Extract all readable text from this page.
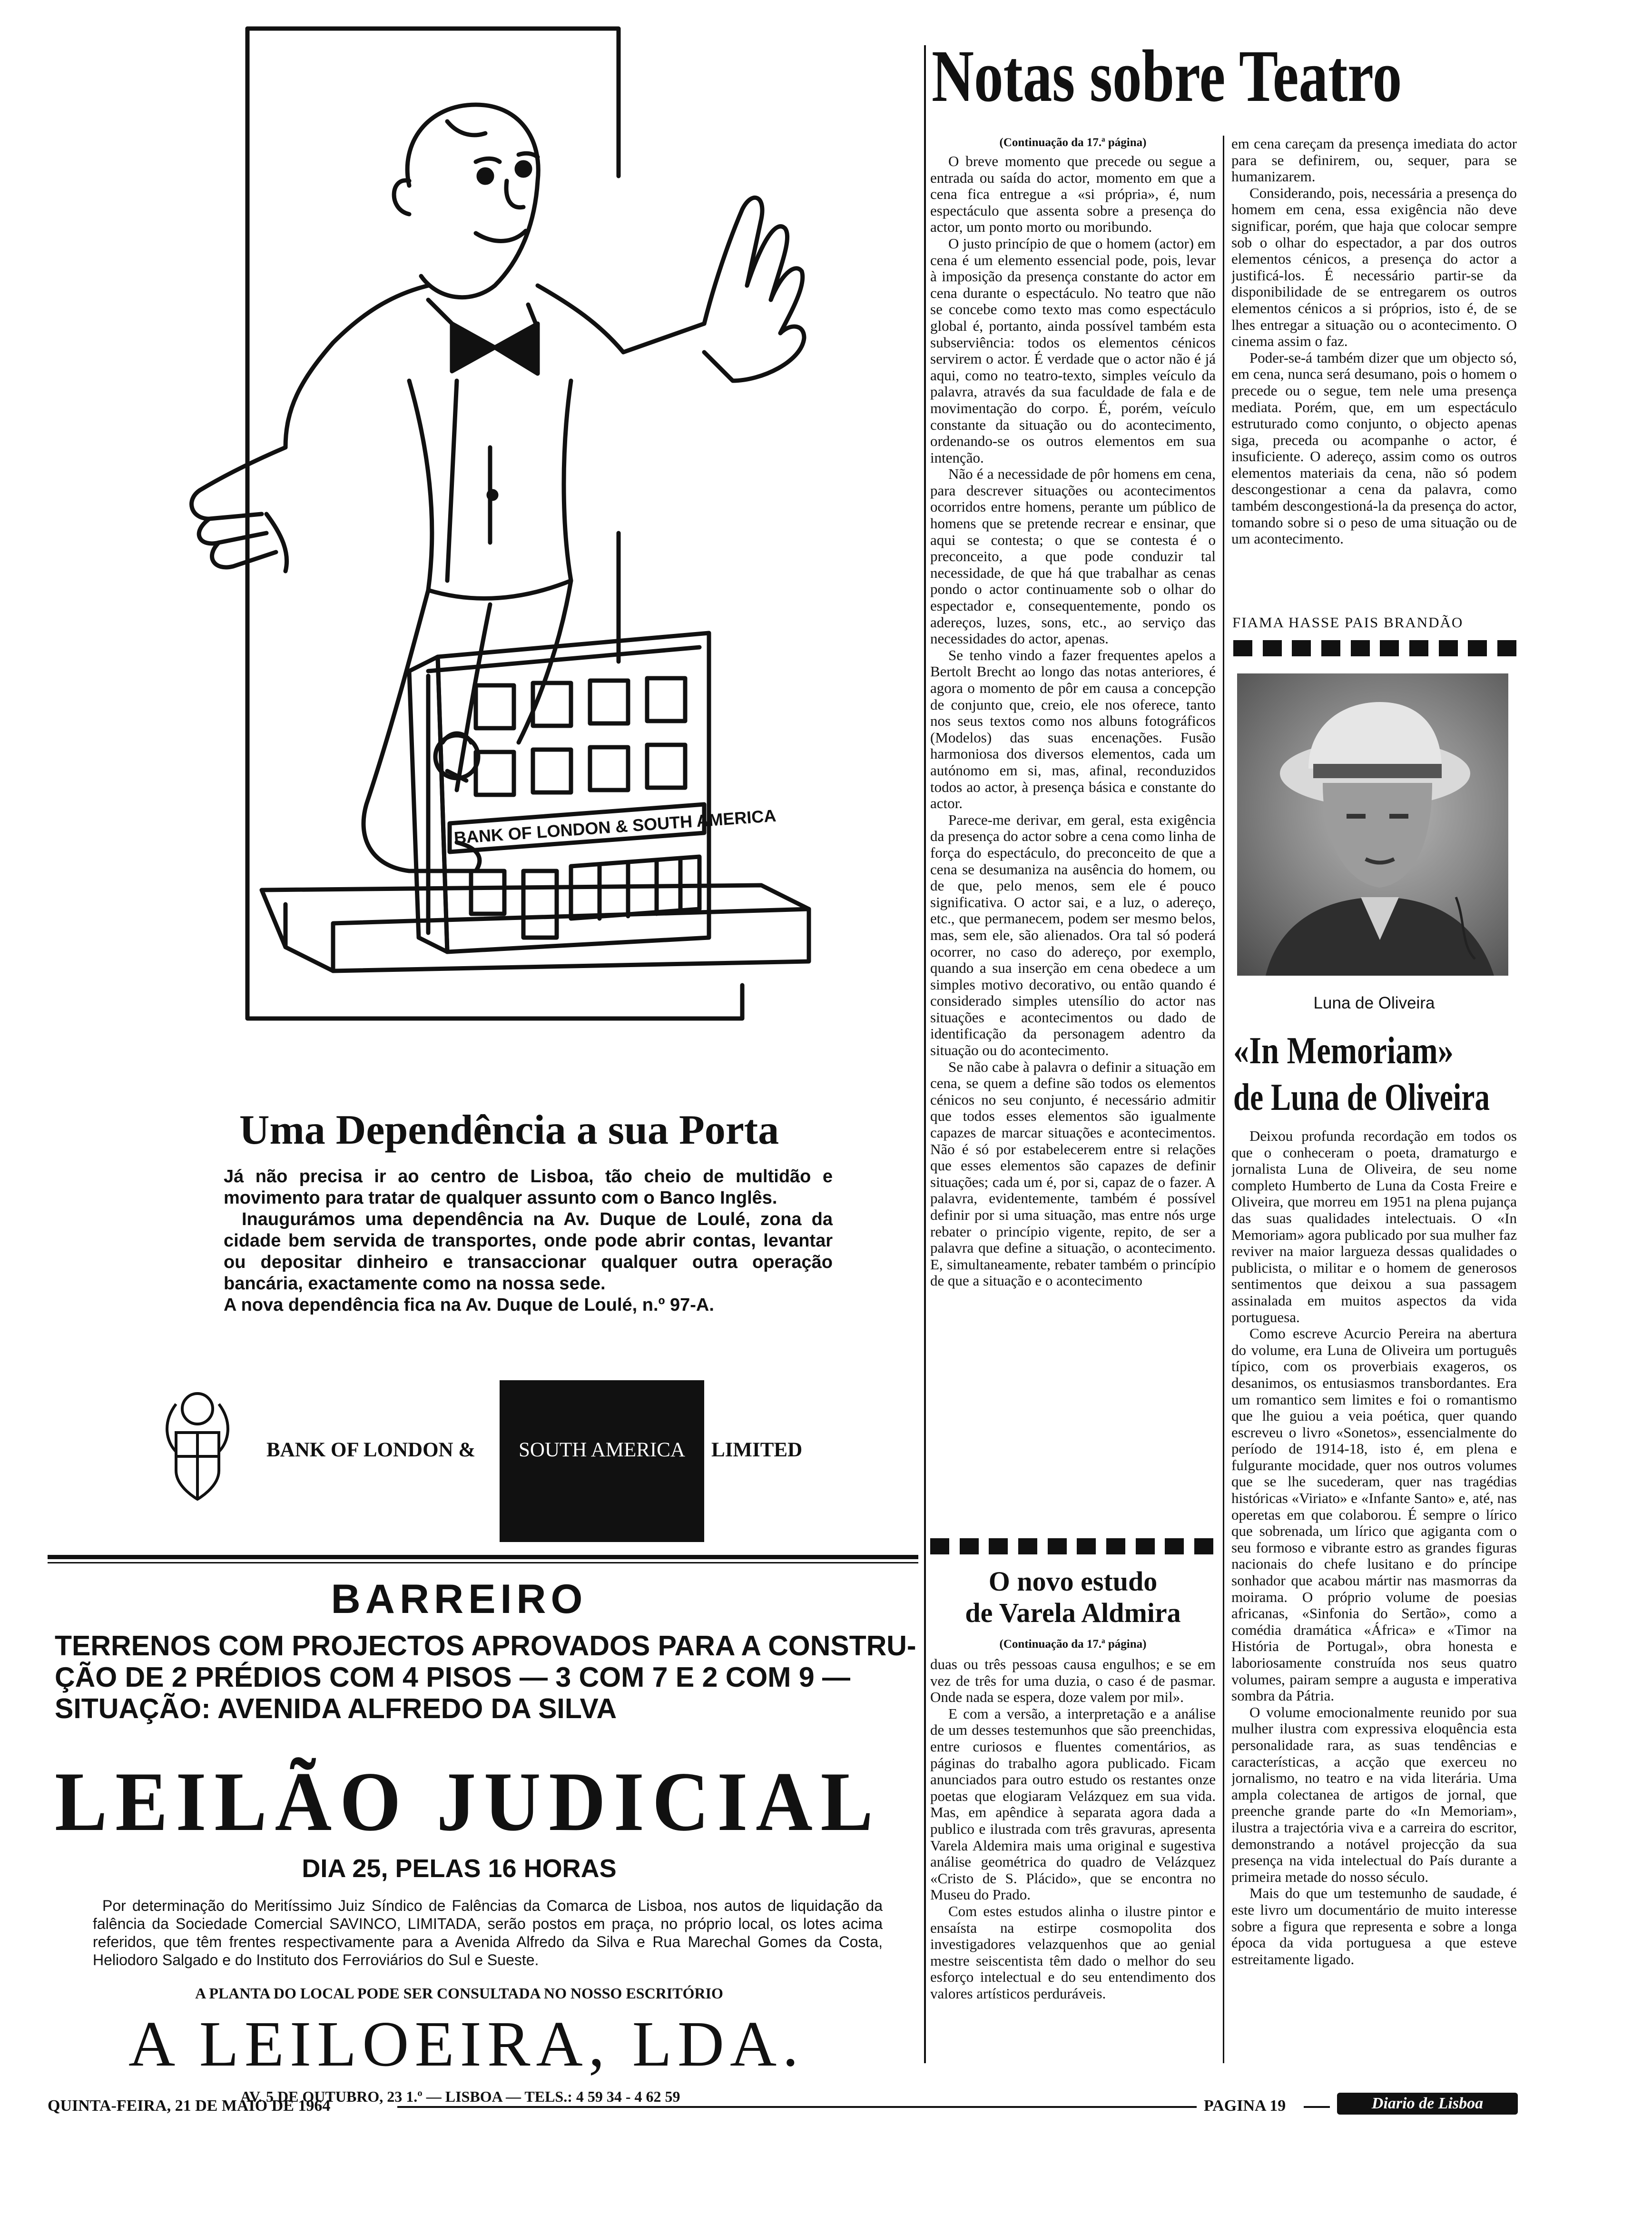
BANK OF LONDON & SOUTH AMERICA
Uma Dependência a sua Porta
Já não precisa ir ao centro de Lisboa, tão cheio de multidão e movimento para tratar de qualquer assunto com o Banco Inglês.
Inaugurámos uma dependência na Av. Duque de Loulé, zona da cidade bem servida de transportes, onde pode abrir contas, levantar ou depositar dinheiro e transaccionar qualquer outra operação bancária, exactamente como na nossa sede.
A nova dependência fica na Av. Duque de Loulé, n.º 97-A.
BANK OF LONDON &	SOUTH AMERICA	LIMITED
BARREIRO
TERRENOS COM PROJECTOS APROVADOS PARA A CONSTRU-
ÇÃO DE 2 PRÉDIOS COM 4 PISOS — 3 COM 7 E 2 COM 9 —
SITUAÇÃO: AVENIDA ALFREDO DA SILVA
LEILÃO JUDICIAL
DIA 25, PELAS 16 HORAS
Por determinação do Meritíssimo Juiz Síndico de Falências da Comarca de Lisboa, nos autos de liquidação da falência da Sociedade Comercial SAVINCO, LIMITADA, serão postos em praça, no próprio local, os lotes acima referidos, que têm frentes respectivamente para a Avenida Alfredo da Silva e Rua Marechal Gomes da Costa, Heliodoro Salgado e do Instituto dos Ferroviários do Sul e Sueste.
A PLANTA DO LOCAL PODE SER CONSULTADA NO NOSSO ESCRITÓRIO
A LEILOEIRA, LDA.
AV. 5 DE OUTUBRO, 23 1.º — LISBOA — TELS.: 4 59 34 - 4 62 59
Notas sobre Teatro
(Continuação da 17.ª página)

O breve momento que precede ou segue a entrada ou saída do actor, momento em que a cena fica entregue a «si própria», é, num espectáculo que assenta sobre a presença do actor, um ponto morto ou moribundo.

O justo princípio de que o homem (actor) em cena é um elemento essencial pode, pois, levar à imposição da presença constante do actor em cena durante o espectáculo. No teatro que não se concebe como texto mas como espectáculo global é, portanto, ainda possível também esta subserviência: todos os elementos cénicos servirem o actor. É verdade que o actor não é já aqui, como no teatro-texto, simples veículo da palavra, através da sua faculdade de fala e de movimentação do corpo. É, porém, veículo constante da situação ou do acontecimento, ordenando-se os outros elementos em sua intenção.

Não é a necessidade de pôr homens em cena, para descrever situações ou acontecimentos ocorridos entre homens, perante um público de homens que se pretende recrear e ensinar, que aqui se contesta; o que se contesta é o preconceito, a que pode conduzir tal necessidade, de que há que trabalhar as cenas pondo o actor continuamente sob o olhar do espectador e, consequentemente, pondo os adereços, luzes, sons, etc., ao serviço das necessidades do actor, apenas.

Se tenho vindo a fazer frequentes apelos a Bertolt Brecht ao longo das notas anteriores, é agora o momento de pôr em causa a concepção de conjunto que, creio, ele nos oferece, tanto nos seus textos como nos albuns fotográficos (Modelos) das suas encenações. Fusão harmoniosa dos diversos elementos, cada um autónomo em si, mas, afinal, reconduzidos todos ao actor, à presença básica e constante do actor.

Parece-me derivar, em geral, esta exigência da presença do actor sobre a cena como linha de força do espectáculo, do preconceito de que a cena se desumaniza na ausência do homem, ou de que, pelo menos, sem ele é pouco significativa. O actor sai, e a luz, o adereço, etc., que permanecem, podem ser mesmo belos, mas, sem ele, são alienados. Ora tal só poderá ocorrer, no caso do adereço, por exemplo, quando a sua inserção em cena obedece a um simples motivo decorativo, ou então quando é considerado simples utensílio do actor nas situações e acontecimentos ou dado de identificação da personagem adentro da situação ou do acontecimento.

Se não cabe à palavra o definir a situação em cena, se quem a define são todos os elementos cénicos no seu conjunto, é necessário admitir que todos esses elementos são igualmente capazes de marcar situações e acontecimentos. Não é só por estabelecerem entre si relações que esses elementos são capazes de definir situações; cada um é, por si, capaz de o fazer. A palavra, evidentemente, também é possível definir por si uma situação, mas entre nós urge rebater o princípio vigente, repito, de ser a palavra que define a situação, o acontecimento. E, simultaneamente, rebater também o princípio de que a situação e o acontecimento

em cena careçam da presença imediata do actor para se definirem, ou, sequer, para se humanizarem.

Considerando, pois, necessária a presença do homem em cena, essa exigência não deve significar, porém, que haja que colocar sempre sob o olhar do espectador, a par dos outros elementos cénicos, a presença do actor a justificá-los. É necessário partir-se da disponibilidade de se entregarem os outros elementos cénicos a si próprios, isto é, de se lhes entregar a situação ou o acontecimento. O cinema assim o faz.

Poder-se-á também dizer que um objecto só, em cena, nunca será desumano, pois o homem o precede ou o segue, tem nele uma presença mediata. Porém, que, em um espectáculo estruturado como conjunto, o objecto apenas siga, preceda ou acompanhe o actor, é insuficiente. O adereço, assim como os outros elementos materiais da cena, não só podem descongestionar a cena da palavra, como também descongestioná-la da presença do actor, tomando sobre si o peso de uma situação ou de um acontecimento.

FIAMA HASSE PAIS BRANDÃO
Luna de Oliveira
«In Memoriam»
de Luna de Oliveira

Deixou profunda recordação em todos os que o conheceram o poeta, dramaturgo e jornalista Luna de Oliveira, de seu nome completo Humberto de Luna da Costa Freire e Oliveira, que morreu em 1951 na plena pujança das suas qualidades intelectuais. O «In Memoriam» agora publicado por sua mulher faz reviver na maior largueza dessas qualidades o publicista, o militar e o homem de generosos sentimentos que deixou a sua passagem assinalada em muitos aspectos da vida portuguesa.

Como escreve Acurcio Pereira na abertura do volume, era Luna de Oliveira um português típico, com os proverbiais exageros, os desanimos, os entusiasmos transbordantes. Era um romantico sem limites e foi o romantismo que lhe guiou a veia poética, quer quando escreveu o livro «Sonetos», essencialmente do período de 1914-18, isto é, em plena e fulgurante mocidade, quer nos outros volumes que se lhe sucederam, quer nas tragédias históricas «Viriato» e «Infante Santo» e, até, nas operetas em que colaborou. É sempre o lírico que sobrenada, um lírico que agiganta com o seu formoso e vibrante estro as grandes figuras nacionais do chefe lusitano e do príncipe sonhador que acabou mártir nas masmorras da moirama. O próprio volume de poesias africanas, «Sinfonia do Sertão», como a comédia dramática «África» e «Timor na História de Portugal», obra honesta e laboriosamente construída nos seus quatro volumes, pairam sempre a augusta e imperativa sombra da Pátria.

O volume emocionalmente reunido por sua mulher ilustra com expressiva eloquência esta personalidade rara, as suas tendências e características, a acção que exerceu no jornalismo, no teatro e na vida literária. Uma ampla colectanea de artigos de jornal, que preenche grande parte do «In Memoriam», ilustra a trajectória viva e a carreira do escritor, demonstrando a notável projecção da sua presença na vida intelectual do País durante a primeira metade do nosso século.

Mais do que um testemunho de saudade, é este livro um documentário de muito interesse sobre a figura que representa e sobre a longa época da vida portuguesa a que esteve estreitamente ligado.

O novo estudo
de Varela Aldmira
(Continuação da 17.ª página)

duas ou três pessoas causa engulhos; e se em vez de três for uma duzia, o caso é de pasmar. Onde nada se espera, doze valem por mil».

E com a versão, a interpretação e a análise de um desses testemunhos que são preenchidas, entre curiosos e fluentes comentários, as páginas do trabalho agora publicado. Ficam anunciados para outro estudo os restantes onze poetas que elogiaram Velázquez em sua vida. Mas, em apêndice à separata agora dada a publico e ilustrada com três gravuras, apresenta Varela Aldemira mais uma original e sugestiva análise geométrica do quadro de Velázquez «Cristo de S. Plácido», que se encontra no Museu do Prado.

Com estes estudos alinha o ilustre pintor e ensaísta na estirpe cosmopolita dos investigadores velazquenhos que ao genial mestre seiscentista têm dado o melhor do seu esforço intelectual e do seu entendimento dos valores artísticos perduráveis.

QUINTA-FEIRA, 21 DE MAIO DE 1964	PAGINA 19	Diario de Lisboa
